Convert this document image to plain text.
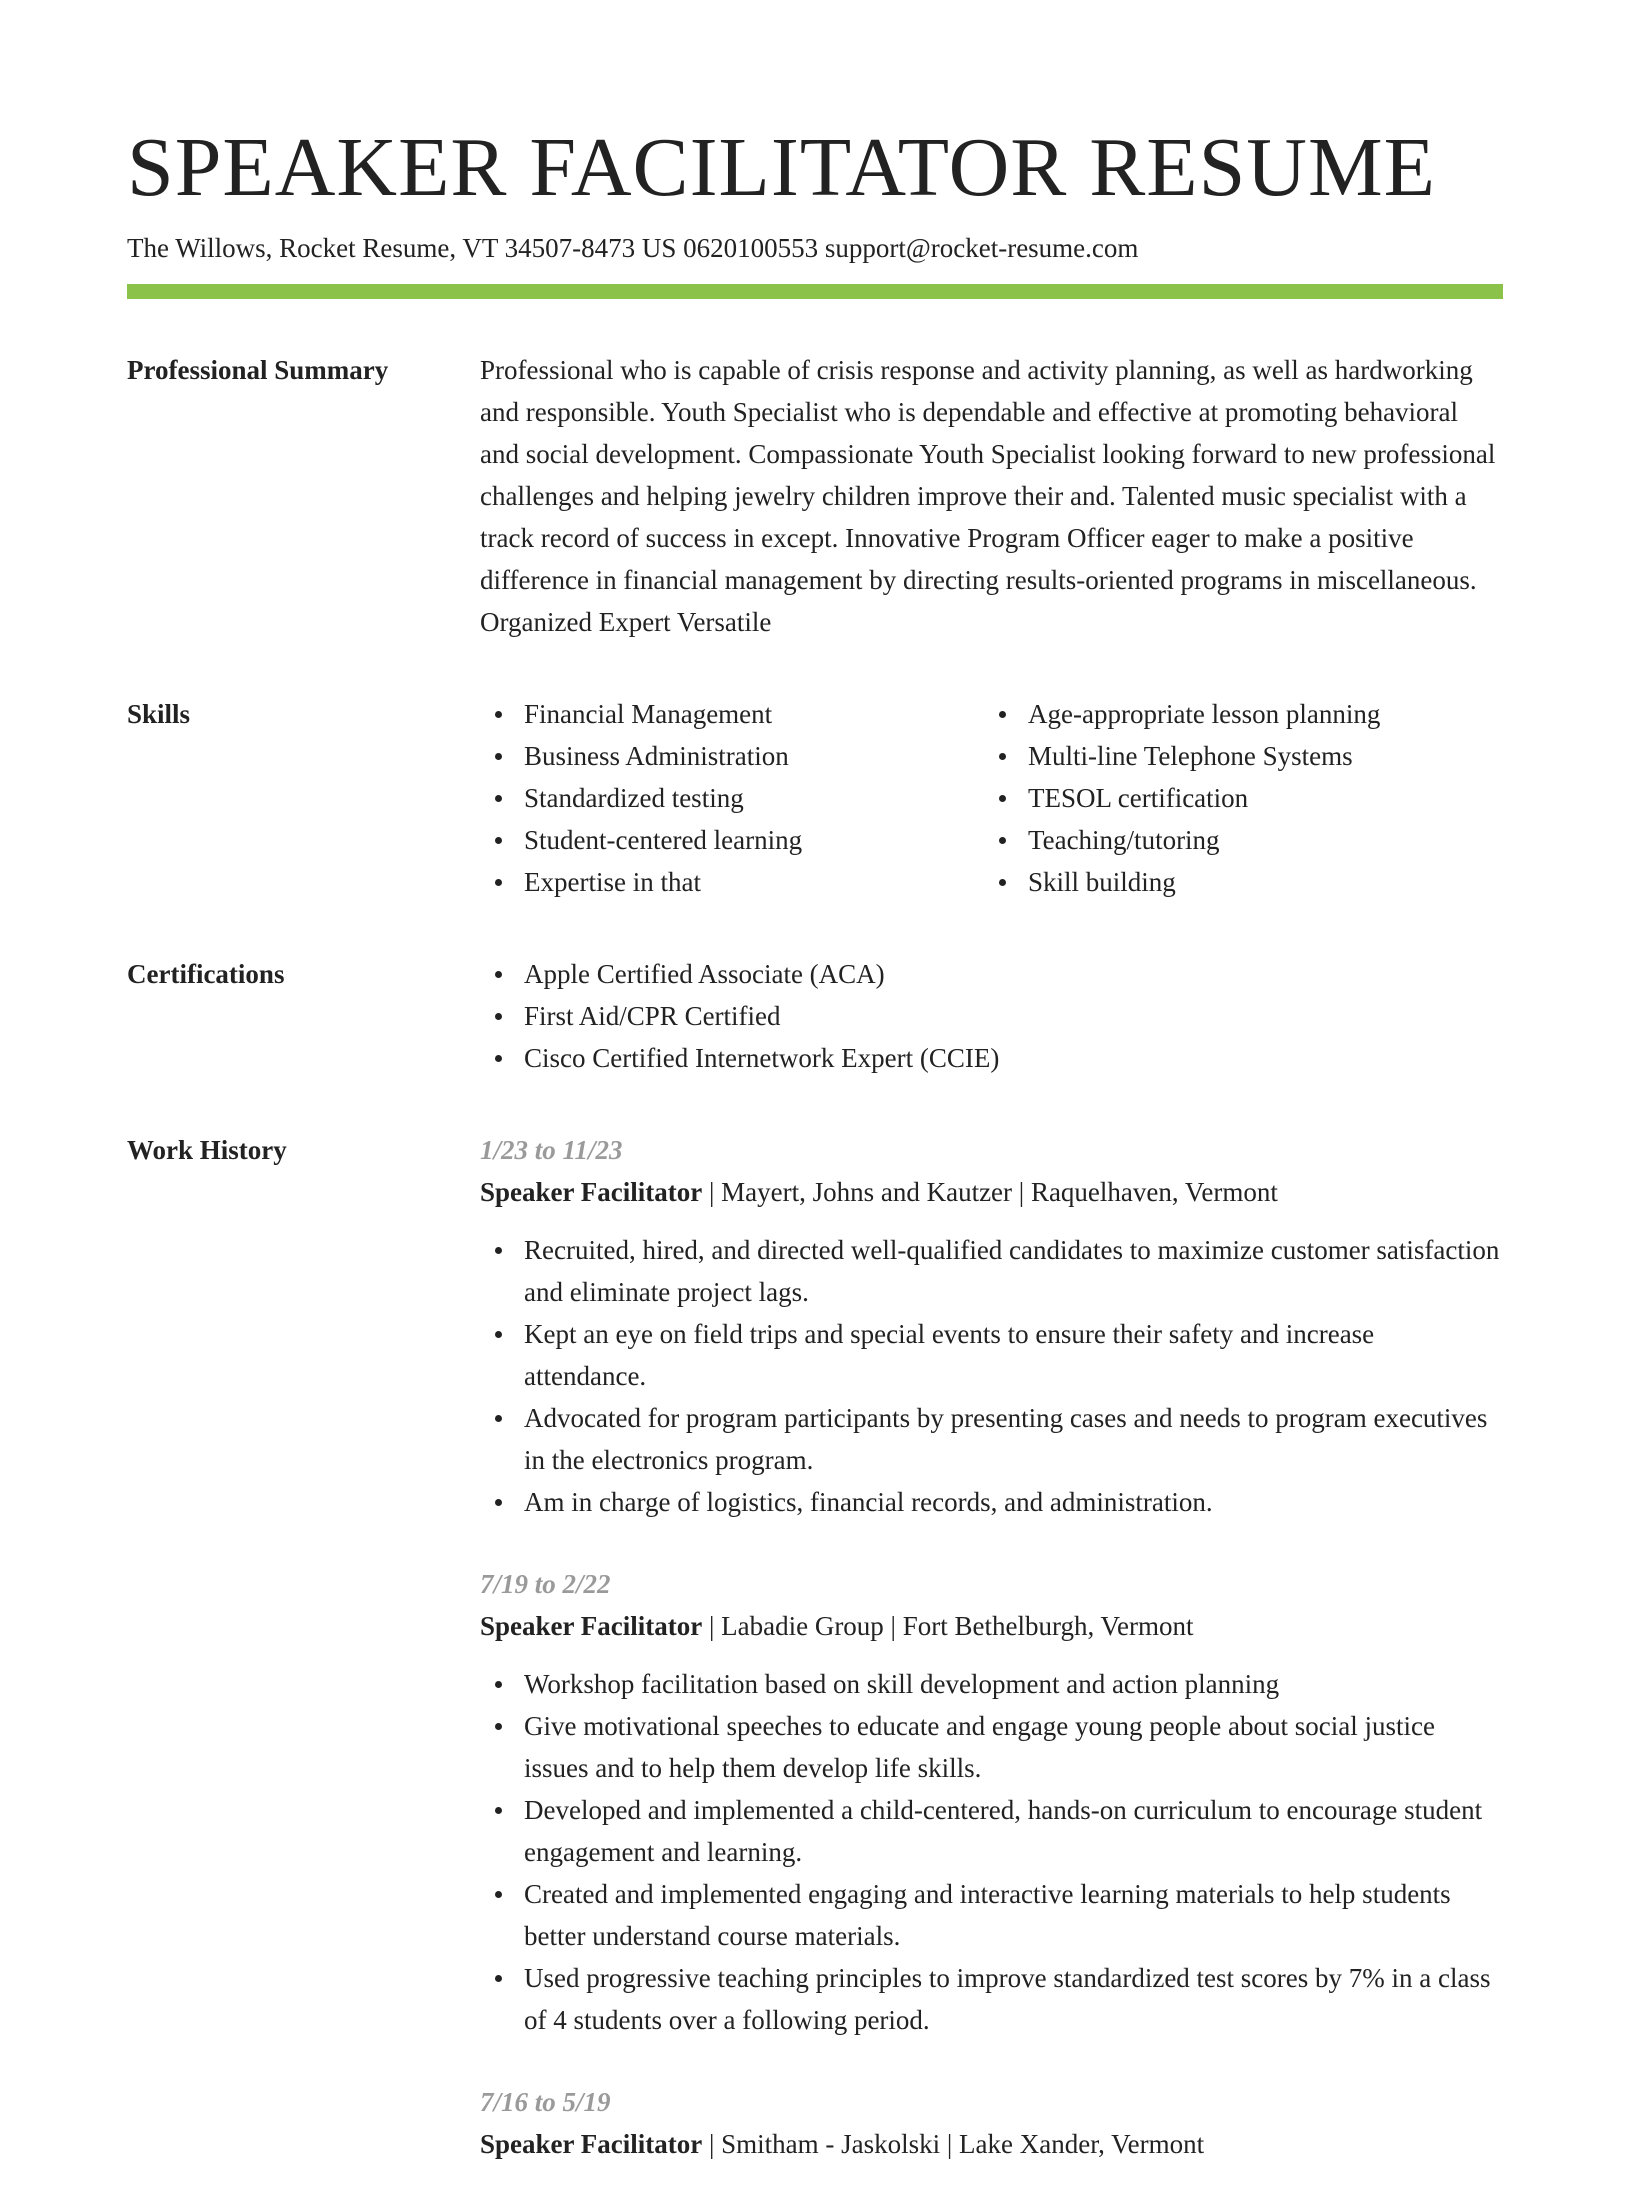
SPEAKER FACILITATOR RESUME
The Willows, Rocket Resume, VT 34507-8473 US 0620100553 support@rocket-resume.com
Professional Summary	Professional who is capable of crisis response and activity planning, as well as hardworking and responsible. Youth Specialist who is dependable and effective at promoting behavioral and social development. Compassionate Youth Specialist looking forward to new professional challenges and helping jewelry children improve their and. Talented music specialist with a track record of success in except. Innovative Program Officer eager to make a positive difference in financial management by directing results-oriented programs in miscellaneous. Organized Expert Versatile

Skills	Financial Management
Business Administration
Standardized testing
Student-centered learning
Expertise in that
Age-appropriate lesson planning
Multi-line Telephone Systems
TESOL certification
Teaching/tutoring
Skill building
Certifications	Apple Certified Associate (ACA)
First Aid/CPR Certified
Cisco Certified Internetwork Expert (CCIE)
Work History	1/23 to 11/23
Speaker Facilitator | Mayert, Johns and Kautzer | Raquelhaven, Vermont
Recruited, hired, and directed well-qualified candidates to maximize customer satisfaction and eliminate project lags.
Kept an eye on field trips and special events to ensure their safety and increase attendance.
Advocated for program participants by presenting cases and needs to program executives in the electronics program.
Am in charge of logistics, financial records, and administration.
7/19 to 2/22
Speaker Facilitator | Labadie Group | Fort Bethelburgh, Vermont
Workshop facilitation based on skill development and action planning
Give motivational speeches to educate and engage young people about social justice issues and to help them develop life skills.
Developed and implemented a child-centered, hands-on curriculum to encourage student engagement and learning.
Created and implemented engaging and interactive learning materials to help students better understand course materials.
Used progressive teaching principles to improve standardized test scores by 7% in a class of 4 students over a following period.
7/16 to 5/19
Speaker Facilitator | Smitham - Jaskolski | Lake Xander, Vermont
